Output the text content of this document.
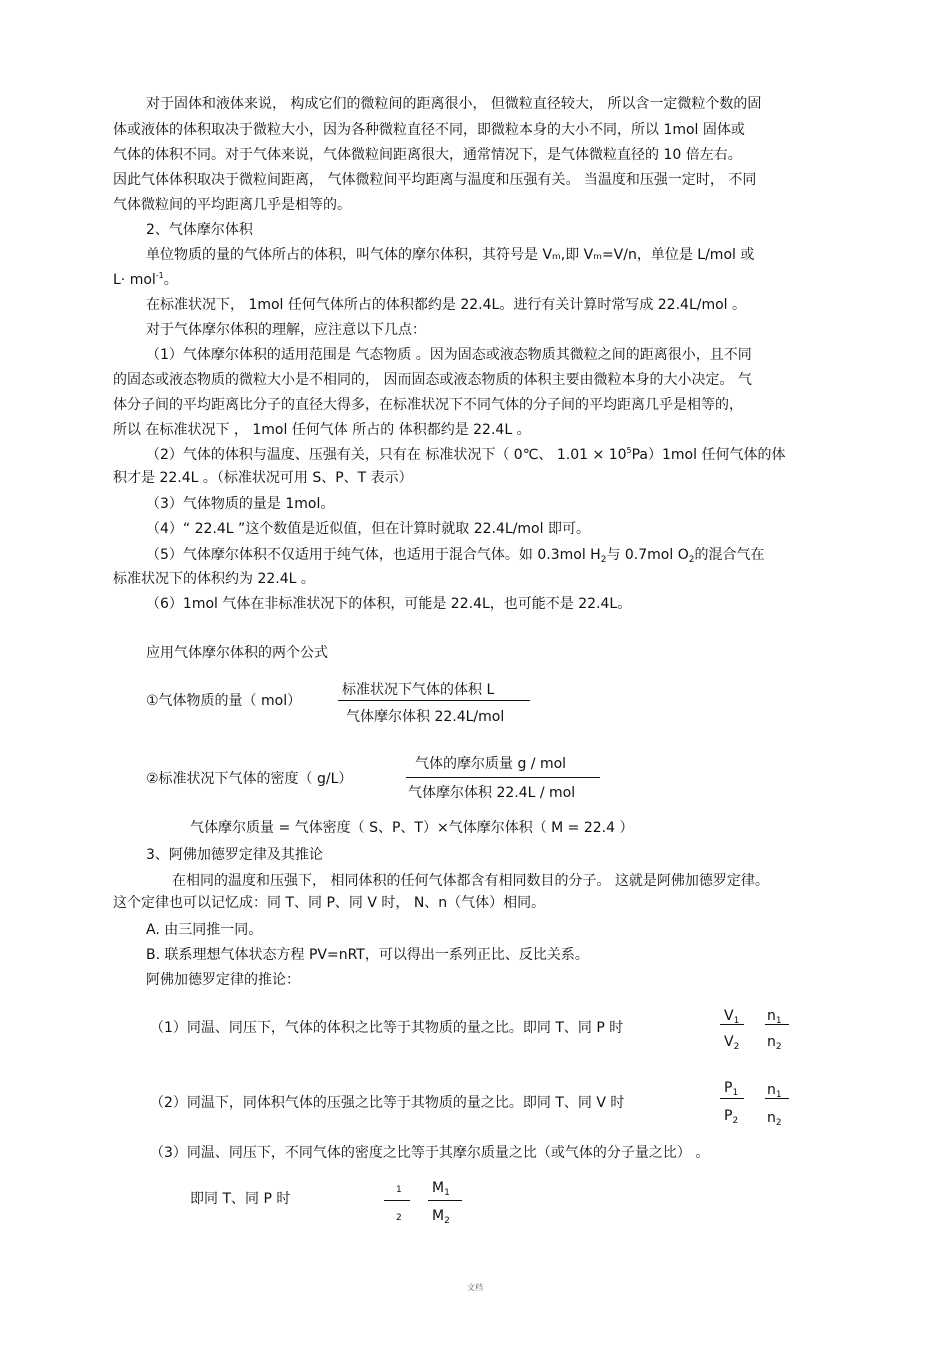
对于固体和液体来说， 构成它们的微粒间的距离很小， 但微粒直径较大， 所以含一定微粒个数的固
体或液体的体积取决于微粒大小，因为各种微粒直径不同，即微粒本身的大小不同，所以 1mol 固体或
气体的体积不同。对于气体来说，气体微粒间距离很大，通常情况下，是气体微粒直径的 10 倍左右。
因此气体体积取决于微粒间距离， 气体微粒间平均距离与温度和压强有关。 当温度和压强一定时， 不同
气体微粒间的平均距离几乎是相等的。
2、气体摩尔体积
单位物质的量的气体所占的体积，叫气体的摩尔体积，其符号是 Vₘ,即 Vₘ=V/n，单位是 L/mol 或
L· mol$^{-1}$。
在标准状况下， 1mol 任何气体所占的体积都约是 22.4L。进行有关计算时常写成 22.4L/mol 。
对于气体摩尔体积的理解，应注意以下几点：
（1）气体摩尔体积的适用范围是 气态物质 。因为固态或液态物质其微粒之间的距离很小，且不同
的固态或液态物质的微粒大小是不相同的， 因而固态或液态物质的体积主要由微粒本身的大小决定。 气
体分子间的平均距离比分子的直径大得多，在标准状况下不同气体的分子间的平均距离几乎是相等的，
所以 在标准状况下 ， 1mol 任何气体 所占的 体积都约是 22.4L 。
（2）气体的体积与温度、压强有关，只有在 标准状况下（ 0℃、 $1.01 \times 10^5Pa)1mol$ 任何气体的体
积才是 22.4L 。（标准状况可用 S、P、T 表示）
（3）气体物质的量是 1mol。
（4）“ 22.4L ”这个数值是近似值，但在计算时就取 22.4L/mol 即可。
（5）气体摩尔体积不仅适用于纯气体，也适用于混合气体。如 0.3mol $H_2$与 0.7mol $O_2$的混合气在
标准状况下的体积约为 22.4L 。
（6）1mol 气体在非标准状况下的体积，可能是 22.4L，也可能不是 22.4L。
应用气体摩尔体积的两个公式
①气体物质的量（ mol）
标准状况下气体的体积 L
气体摩尔体积 22.4L/mol
②标准状况下气体的密度（ g/L）
气体的摩尔质量 g / mol
气体摩尔体积 22.4L / mol
气体摩尔质量 = 气体密度（ S、P、T）×气体摩尔体积（ M = 22.4 ）
3、阿佛加德罗定律及其推论
在相同的温度和压强下， 相同体积的任何气体都含有相同数目的分子。 这就是阿佛加德罗定律。
这个定律也可以记忆成：同 T、同 P、同 V 时， N、n（气体）相同。
A. 由三同推一同。
B. 联系理想气体状态方程 PV=nRT，可以得出一系列正比、反比关系。
阿佛加德罗定律的推论：
（1）同温、同压下，气体的体积之比等于其物质的量之比。即同 T、同 P 时
$V_1$
$V_2$
$n_1$
$n_2$
（2）同温下，同体积气体的压强之比等于其物质的量之比。即同 T、同 V 时
$P_1$
$P_2$
$n_1$
$n_2$
（3）同温、同压下，不同气体的密度之比等于其摩尔质量之比（或气体的分子量之比） 。
即同 T、同 P 时
1
2
$M_1$
$M_2$
文档
